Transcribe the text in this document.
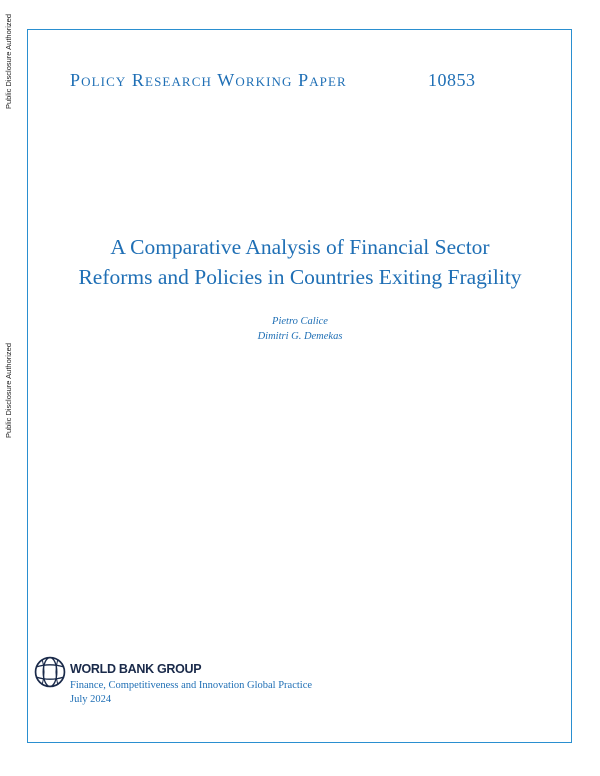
Public Disclosure Authorized
Public Disclosure Authorized
Policy Research Working Paper	10853
A Comparative Analysis of Financial Sector
Reforms and Policies in Countries Exiting Fragility
Pietro Calice
Dimitri G. Demekas
WORLD BANK GROUP
Finance, Competitiveness and Innovation Global Practice
July 2024
